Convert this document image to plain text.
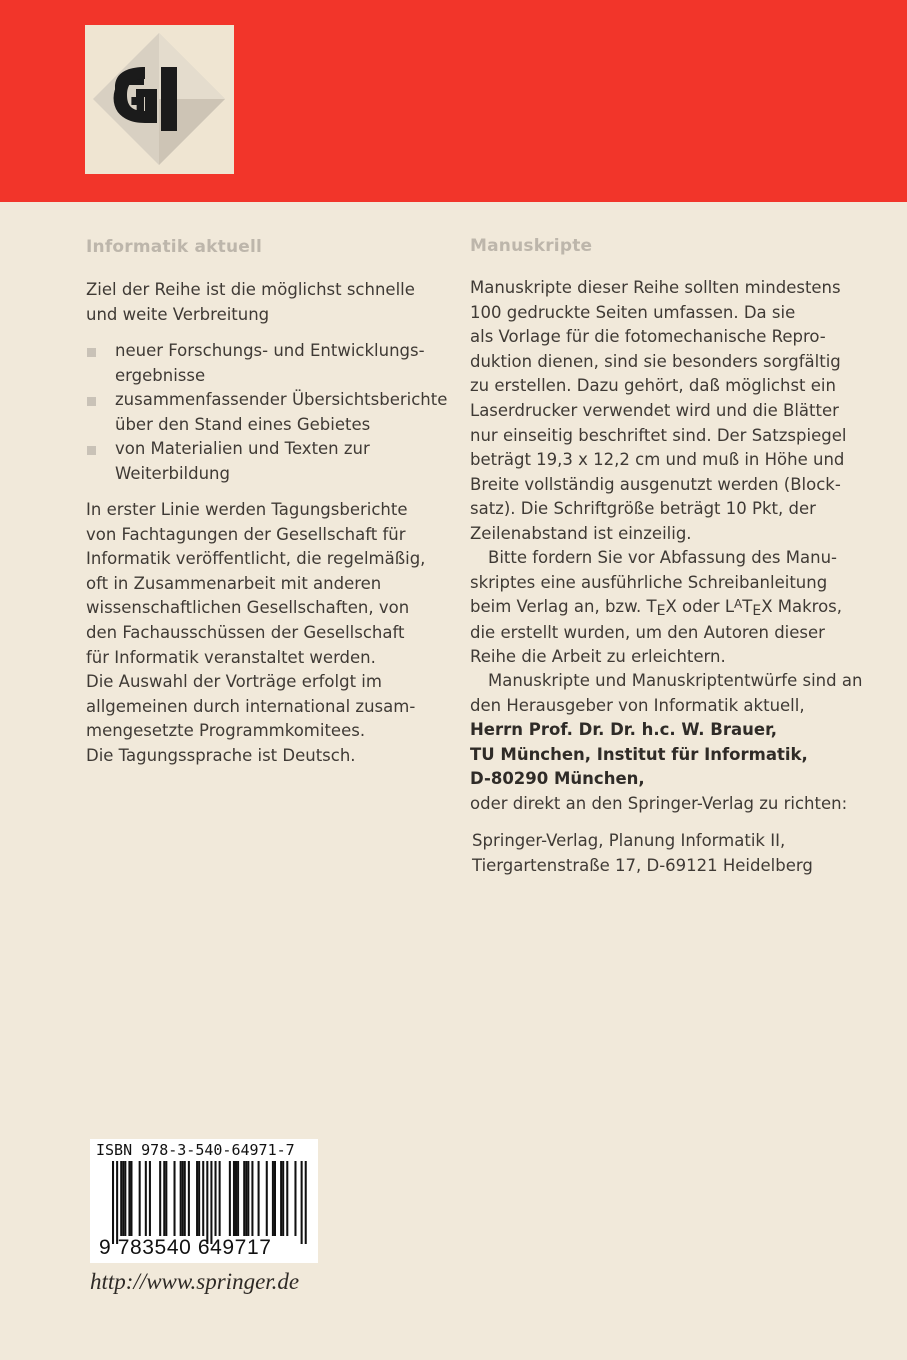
Informatik aktuell

Ziel der Reihe ist die möglichst schnelle
und weite Verbreitung

neuer Forschungs- und Entwicklungs-
ergebnisse
zusammenfassender Übersichtsberichte
über den Stand eines Gebietes
von Materialien und Texten zur
Weiterbildung

In erster Linie werden Tagungsberichte
von Fachtagungen der Gesellschaft für
Informatik veröffentlicht, die regelmäßig,
oft in Zusammenarbeit mit anderen
wissenschaftlichen Gesellschaften, von
den Fachausschüssen der Gesellschaft
für Informatik veranstaltet werden.
Die Auswahl der Vorträge erfolgt im
allgemeinen durch international zusam-
mengesetzte Programmkomitees.
Die Tagungssprache ist Deutsch.

Manuskripte

Manuskripte dieser Reihe sollten mindestens
100 gedruckte Seiten umfassen. Da sie
als Vorlage für die fotomechanische Repro-
duktion dienen, sind sie besonders sorgfältig
zu erstellen. Dazu gehört, daß möglichst ein
Laserdrucker verwendet wird und die Blätter
nur einseitig beschriftet sind. Der Satzspiegel
beträgt 19,3 x 12,2 cm und muß in Höhe und
Breite vollständig ausgenutzt werden (Block-
satz). Die Schriftgröße beträgt 10 Pkt, der
Zeilenabstand ist einzeilig.

Bitte fordern Sie vor Abfassung des Manu-
skriptes eine ausführliche Schreibanleitung
beim Verlag an, bzw. TEX oder $L^ATEX$ Makros,
die erstellt wurden, um den Autoren dieser
Reihe die Arbeit zu erleichtern.

Manuskripte und Manuskriptentwürfe sind an
den Herausgeber von Informatik aktuell,
Herrn Prof. Dr. Dr. h.c. W. Brauer,
TU München, Institut für Informatik,
D-80290 München,
oder direkt an den Springer-Verlag zu richten:

Springer-Verlag, Planung Informatik II,
Tiergartenstraße 17, D-69121 Heidelberg

ISBN 978-3-540-64971-7
9 783540 649717
http://www.springer.de
